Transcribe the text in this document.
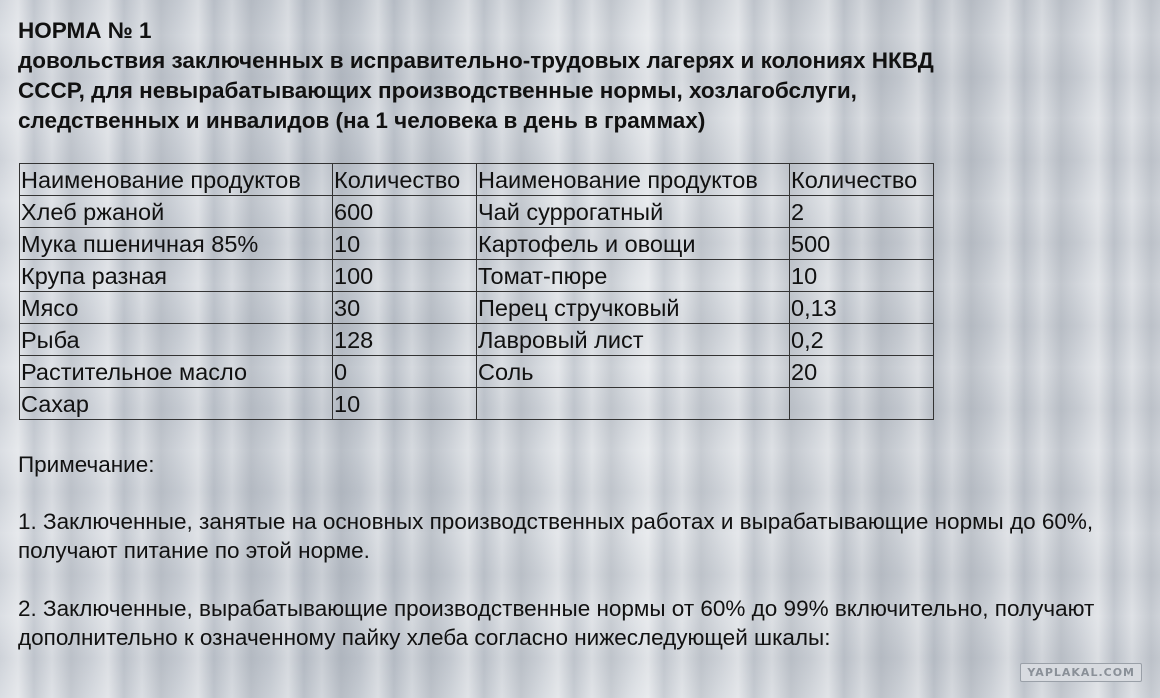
НОРМА № 1
довольствия заключенных в исправительно-трудовых лагерях и колониях НКВД
СССР, для невырабатывающих производственные нормы, хозлагобслуги,
следственных и инвалидов (на 1 человека в день в граммах)
Наименование продуктов	Количество	Наименование продуктов	Количество
Хлеб ржаной	600	Чай суррогатный	2
Мука пшеничная 85%	10	Картофель и овощи	500
Крупа разная	100	Томат-пюре	10
Мясо	30	Перец стручковый	0,13
Рыба	128	Лавровый лист	0,2
Растительное масло	0	Соль	20
Сахар	10		

Примечание:

1. Заключенные, занятые на основных производственных работах и вырабатывающие нормы до 60%, получают питание по этой норме.

2. Заключенные, вырабатывающие производственные нормы от 60% до 99% включительно, получают дополнительно к означенному пайку хлеба согласно нижеследующей шкалы:

YAPLAKAL.COM
